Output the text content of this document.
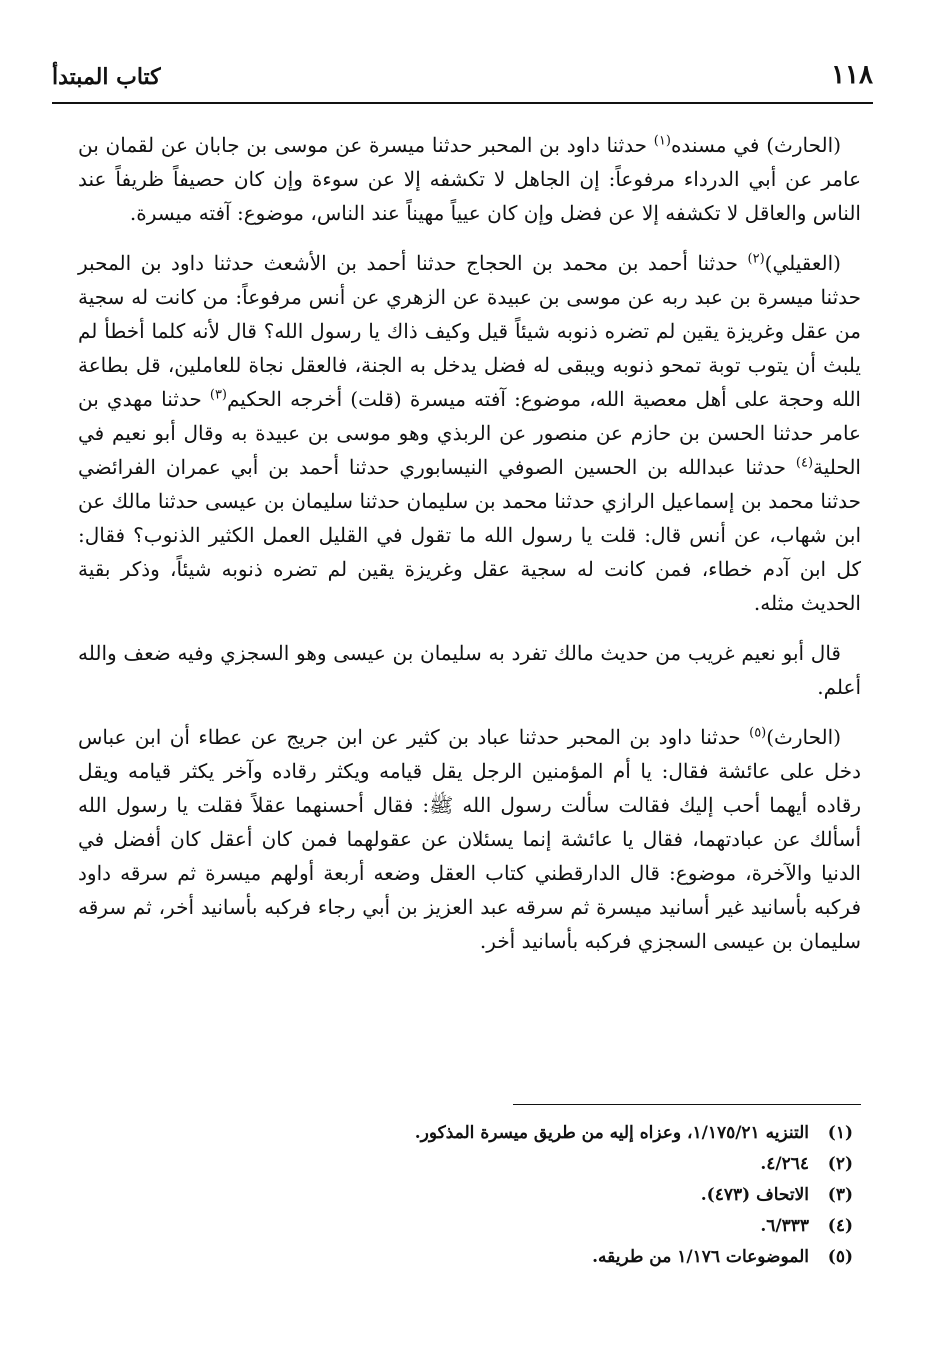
كتاب المبتدأ	١١٨

(الحارث) في مسنده$^{(١)}$ حدثنا داود بن المحبر حدثنا ميسرة عن موسى بن جابان عن لقمان بن عامر عن أبي الدرداء مرفوعاً: إن الجاهل لا تكشفه إلا عن سوءة وإن كان حصيفاً ظريفاً عند الناس والعاقل لا تكشفه إلا عن فضل وإن كان عيياً مهيناً عند الناس، موضوع: آفته ميسرة.

(العقيلي)$^{(٢)}$ حدثنا أحمد بن محمد بن الحجاج حدثنا أحمد بن الأشعث حدثنا داود بن المحبر حدثنا ميسرة بن عبد ربه عن موسى بن عبيدة عن الزهري عن أنس مرفوعاً: من كانت له سجية من عقل وغريزة يقين لم تضره ذنوبه شيئاً قيل وكيف ذاك يا رسول الله؟ قال لأنه كلما أخطأ لم يلبث أن يتوب توبة تمحو ذنوبه ويبقى له فضل يدخل به الجنة، فالعقل نجاة للعاملين، قل بطاعة الله وحجة على أهل معصية الله، موضوع: آفته ميسرة (قلت) أخرجه الحكيم$^{(٣)}$ حدثنا مهدي بن عامر حدثنا الحسن بن حازم عن منصور عن الربذي وهو موسى بن عبيدة به وقال أبو نعيم في الحلية$^{(٤)}$ حدثنا عبدالله بن الحسين الصوفي النيسابوري حدثنا أحمد بن أبي عمران الفرائضي حدثنا محمد بن إسماعيل الرازي حدثنا محمد بن سليمان حدثنا سليمان بن عيسى حدثنا مالك عن ابن شهاب، عن أنس قال: قلت يا رسول الله ما تقول في القليل العمل الكثير الذنوب؟ فقال: كل ابن آدم خطاء، فمن كانت له سجية عقل وغريزة يقين لم تضره ذنوبه شيئاً، وذكر بقية الحديث مثله.

قال أبو نعيم غريب من حديث مالك تفرد به سليمان بن عيسى وهو السجزي وفيه ضعف والله أعلم.

(الحارث)$^{(٥)}$ حدثنا داود بن المحبر حدثنا عباد بن كثير عن ابن جريج عن عطاء أن ابن عباس دخل على عائشة فقال: يا أم المؤمنين الرجل يقل قيامه ويكثر رقاده وآخر يكثر قيامه ويقل رقاده أيهما أحب إليك فقالت سألت رسول الله ﷺ: فقال أحسنهما عقلاً فقلت يا رسول الله أسألك عن عبادتهما، فقال يا عائشة إنما يسئلان عن عقولهما فمن كان أعقل كان أفضل في الدنيا والآخرة، موضوع: قال الدارقطني كتاب العقل وضعه أربعة أولهم ميسرة ثم سرقه داود فركبه بأسانيد غير أسانيد ميسرة ثم سرقه عبد العزيز بن أبي رجاء فركبه بأسانيد أخر، ثم سرقه سليمان بن عيسى السجزي فركبه بأسانيد أخر.

(١)
التنزيه ١/١٧٥/٢١، وعزاه إليه من طريق ميسرة المذكور.
(٢)
٤/٢٦٤.
(٣)
الاتحاف (٤٧٣).
(٤)
٦/٣٣٣.
(٥)
الموضوعات ١/١٧٦ من طريقه.
